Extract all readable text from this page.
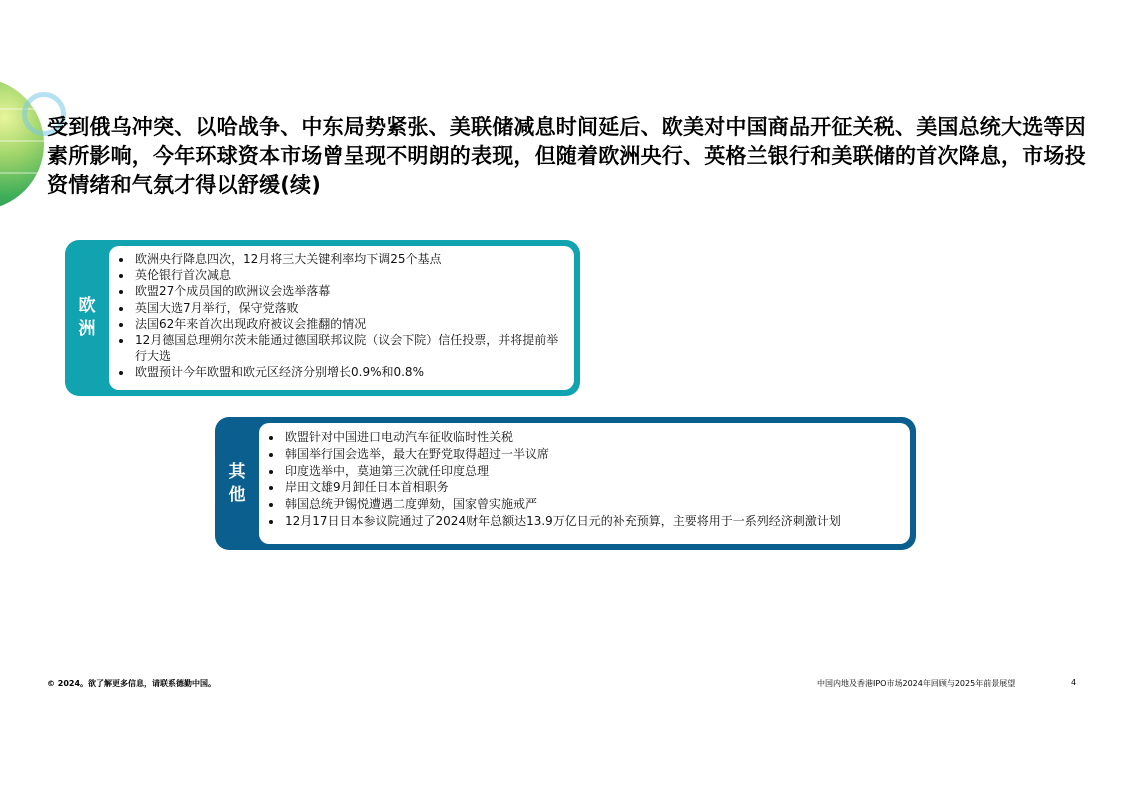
受到俄乌冲突、以哈战争、中东局势紧张、美联储减息时间延后、欧美对中国商品开征关税、美国总统大选等因素所影响，今年环球资本市场曾呈现不明朗的表现，但随着欧洲央行、英格兰银行和美联储的首次降息，市场投资情绪和气氛才得以舒缓(续)
欧
洲
• 欧洲央行降息四次，12月将三大关键利率均下调25个基点
• 英伦银行首次减息
• 欧盟27个成员国的欧洲议会选举落幕
• 英国大选7月举行，保守党落败
• 法国62年来首次出现政府被议会推翻的情况
• 12月德国总理朔尔茨未能通过德国联邦议院（议会下院）信任投票，并将提前举行大选
• 欧盟预计今年欧盟和欧元区经济分别增长0.9%和0.8%
其
他
• 欧盟针对中国进口电动汽车征收临时性关税
• 韩国举行国会选举，最大在野党取得超过一半议席
• 印度选举中，莫迪第三次就任印度总理
• 岸田文雄9月卸任日本首相职务
• 韩国总统尹锡悦遭遇二度弹劾，国家曾实施戒严
• 12月17日日本参议院通过了2024财年总额达13.9万亿日元的补充预算，主要将用于一系列经济刺激计划
© 2024。欲了解更多信息，请联系德勤中国。	中国内地及香港IPO市场2024年回顾与2025年前景展望	4
